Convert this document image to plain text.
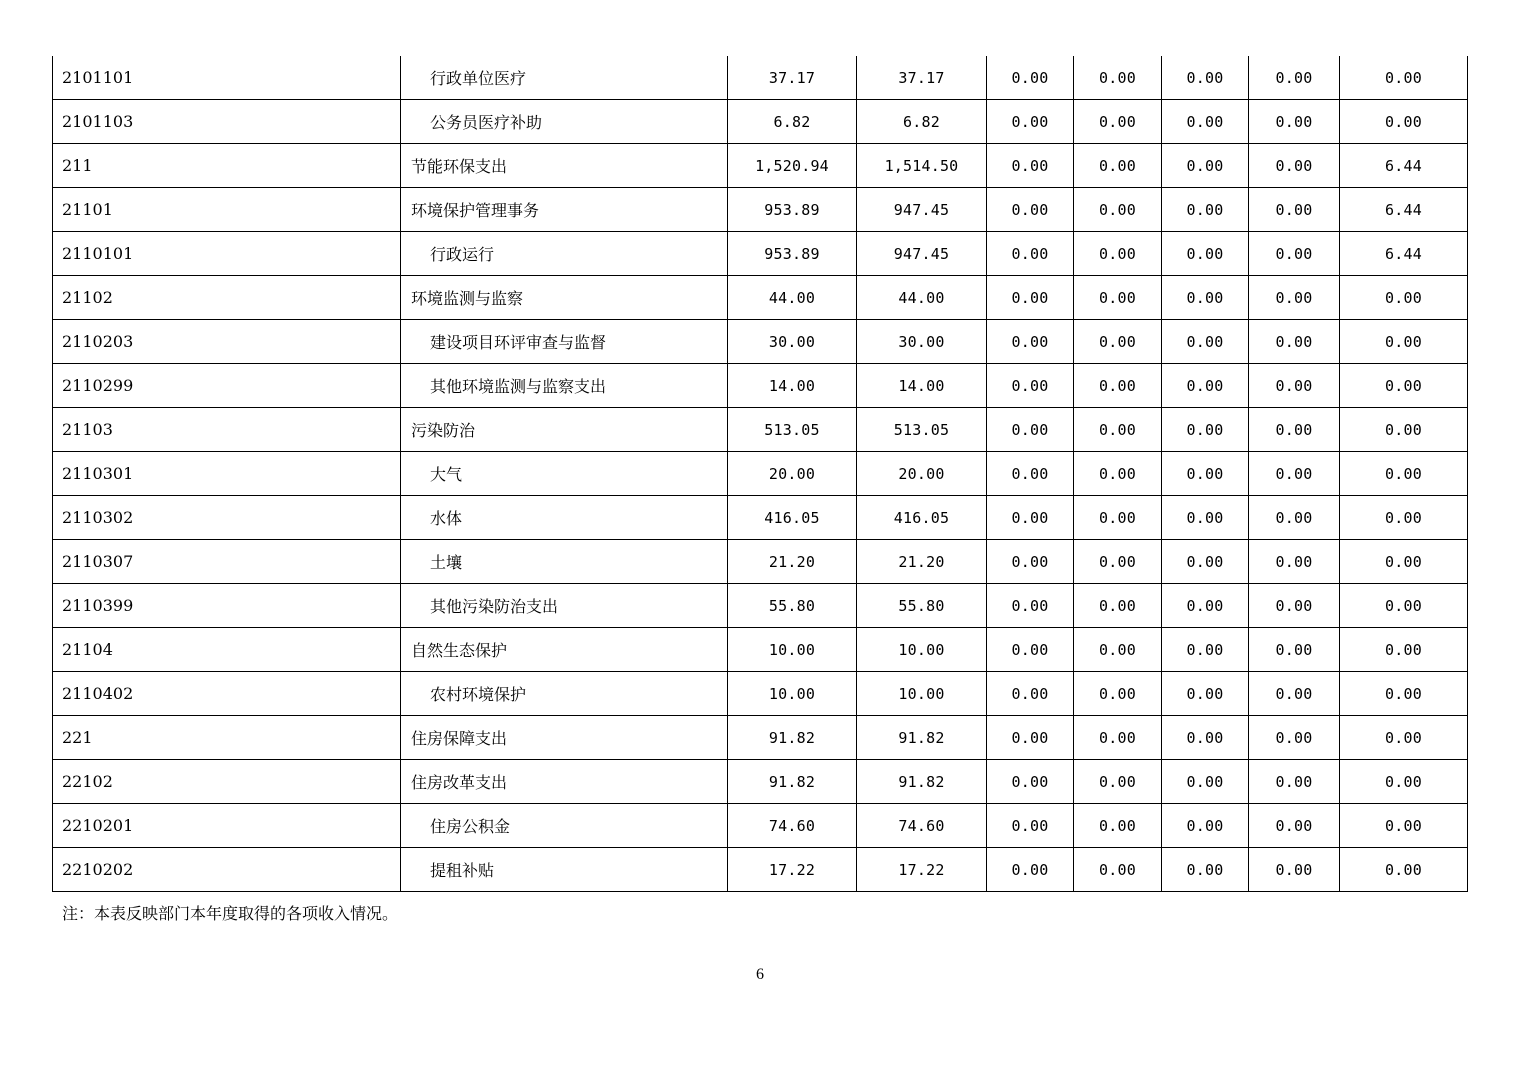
2101101	行政单位医疗	37.17	37.17	0.00	0.00	0.00	0.00	0.00
2101103	公务员医疗补助	6.82	6.82	0.00	0.00	0.00	0.00	0.00
211	节能环保支出	1,520.94	1,514.50	0.00	0.00	0.00	0.00	6.44
21101	环境保护管理事务	953.89	947.45	0.00	0.00	0.00	0.00	6.44
2110101	行政运行	953.89	947.45	0.00	0.00	0.00	0.00	6.44
21102	环境监测与监察	44.00	44.00	0.00	0.00	0.00	0.00	0.00
2110203	建设项目环评审查与监督	30.00	30.00	0.00	0.00	0.00	0.00	0.00
2110299	其他环境监测与监察支出	14.00	14.00	0.00	0.00	0.00	0.00	0.00
21103	污染防治	513.05	513.05	0.00	0.00	0.00	0.00	0.00
2110301	大气	20.00	20.00	0.00	0.00	0.00	0.00	0.00
2110302	水体	416.05	416.05	0.00	0.00	0.00	0.00	0.00
2110307	土壤	21.20	21.20	0.00	0.00	0.00	0.00	0.00
2110399	其他污染防治支出	55.80	55.80	0.00	0.00	0.00	0.00	0.00
21104	自然生态保护	10.00	10.00	0.00	0.00	0.00	0.00	0.00
2110402	农村环境保护	10.00	10.00	0.00	0.00	0.00	0.00	0.00
221	住房保障支出	91.82	91.82	0.00	0.00	0.00	0.00	0.00
22102	住房改革支出	91.82	91.82	0.00	0.00	0.00	0.00	0.00
2210201	住房公积金	74.60	74.60	0.00	0.00	0.00	0.00	0.00
2210202	提租补贴	17.22	17.22	0.00	0.00	0.00	0.00	0.00
注：本表反映部门本年度取得的各项收入情况。
6
